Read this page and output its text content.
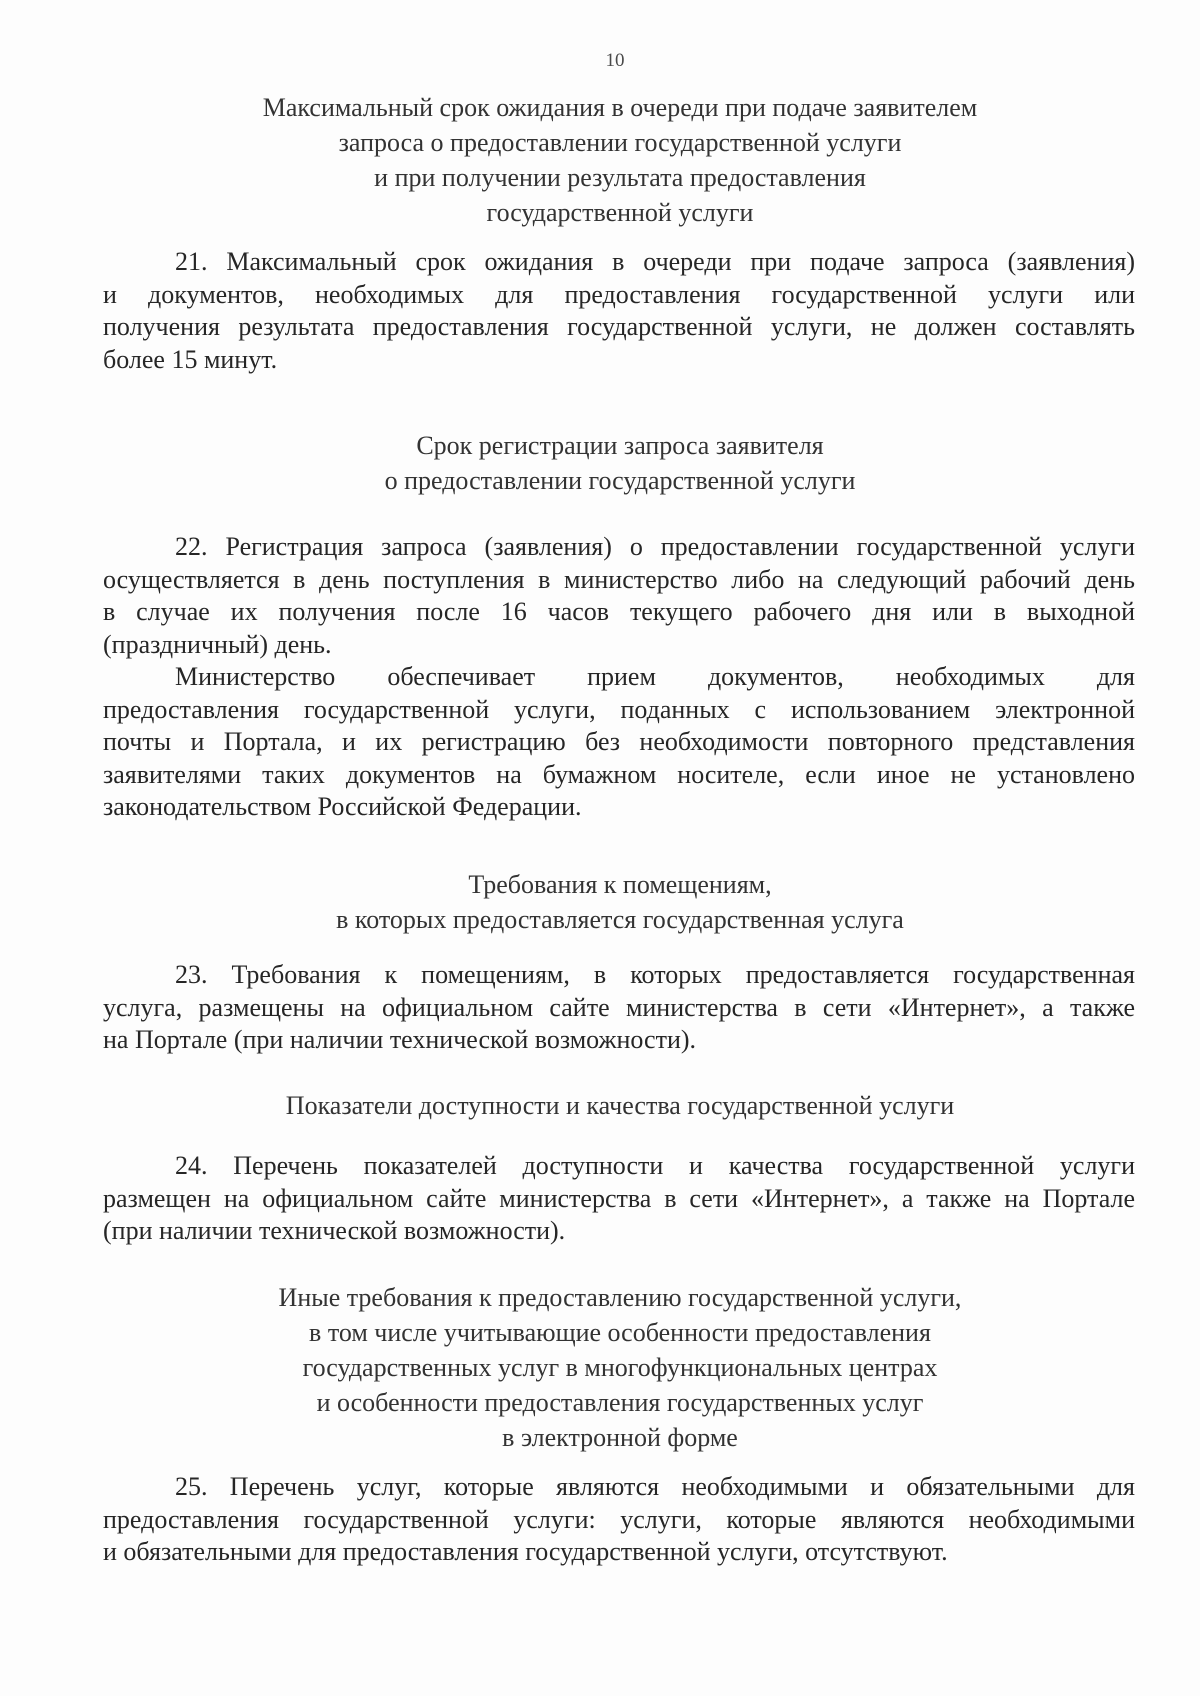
10
Максимальный срок ожидания в очереди при подаче заявителем
запроса о предоставлении государственной услуги
и при получении результата предоставления
государственной услуги
21. Максимальный срок ожидания в очереди при подаче запроса (заявления)
и документов, необходимых для предоставления государственной услуги или
получения результата предоставления государственной услуги, не должен составлять
более 15 минут.
Срок регистрации запроса заявителя
о предоставлении государственной услуги
22. Регистрация запроса (заявления) о предоставлении государственной услуги
осуществляется в день поступления в министерство либо на следующий рабочий день
в случае их получения после 16 часов текущего рабочего дня или в выходной
(праздничный) день.
Министерство обеспечивает прием документов, необходимых для
предоставления государственной услуги, поданных с использованием электронной
почты и Портала, и их регистрацию без необходимости повторного представления
заявителями таких документов на бумажном носителе, если иное не установлено
законодательством Российской Федерации.
Требования к помещениям,
в которых предоставляется государственная услуга
23. Требования к помещениям, в которых предоставляется государственная
услуга, размещены на официальном сайте министерства в сети «Интернет», а также
на Портале (при наличии технической возможности).
Показатели доступности и качества государственной услуги
24. Перечень показателей доступности и качества государственной услуги
размещен на официальном сайте министерства в сети «Интернет», а также на Портале
(при наличии технической возможности).
Иные требования к предоставлению государственной услуги,
в том числе учитывающие особенности предоставления
государственных услуг в многофункциональных центрах
и особенности предоставления государственных услуг
в электронной форме
25. Перечень услуг, которые являются необходимыми и обязательными для
предоставления государственной услуги: услуги, которые являются необходимыми
и обязательными для предоставления государственной услуги, отсутствуют.
